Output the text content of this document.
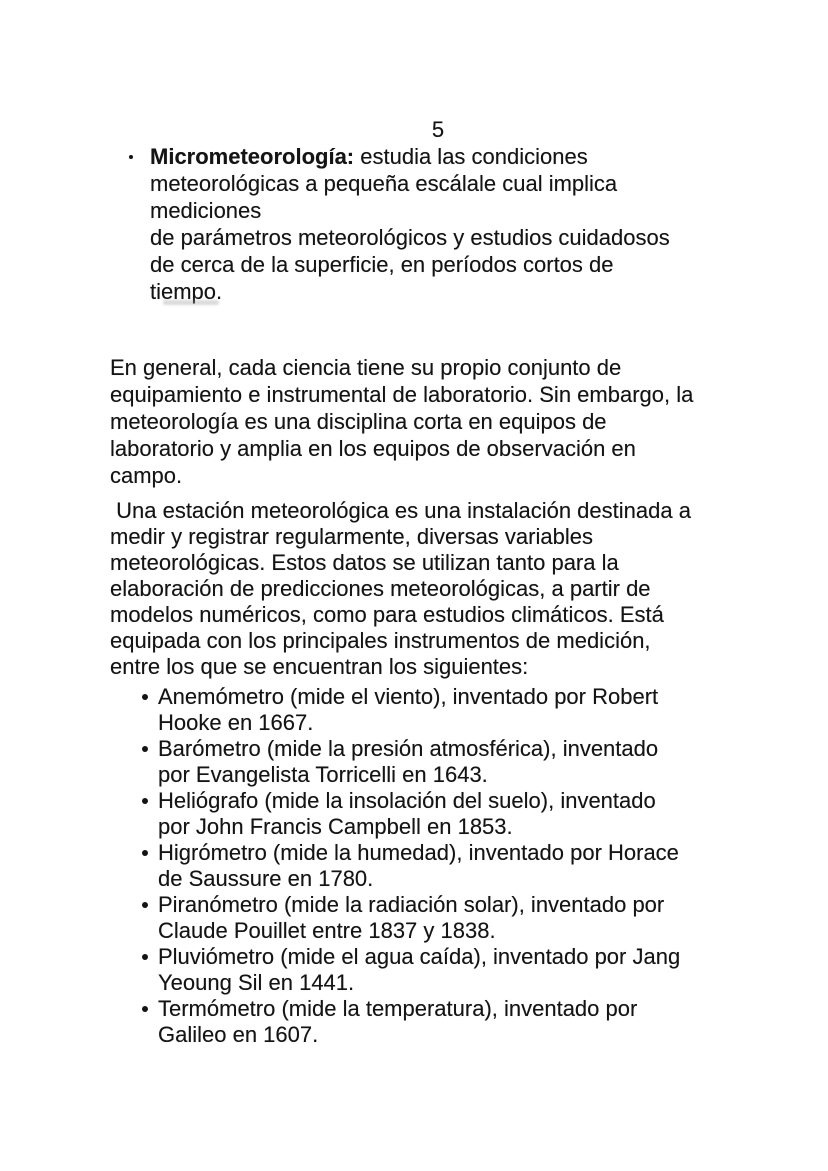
5
Micrometeorología: estudia las condiciones
meteorológicas a pequeña escálale cual implica
mediciones
de parámetros meteorológicos y estudios cuidadosos
de cerca de la superficie, en períodos cortos de
tiempo.
En general, cada ciencia tiene su propio conjunto de
equipamiento e instrumental de laboratorio. Sin embargo, la
meteorología es una disciplina corta en equipos de
laboratorio y amplia en los equipos de observación en
campo.
Una estación meteorológica es una instalación destinada a
medir y registrar regularmente, diversas variables
meteorológicas. Estos datos se utilizan tanto para la
elaboración de predicciones meteorológicas, a partir de
modelos numéricos, como para estudios climáticos. Está
equipada con los principales instrumentos de medición,
entre los que se encuentran los siguientes:
Anemómetro (mide el viento), inventado por Robert
Hooke en 1667.
Barómetro (mide la presión atmosférica), inventado
por Evangelista Torricelli en 1643.
Heliógrafo (mide la insolación del suelo), inventado
por John Francis Campbell en 1853.
Higrómetro (mide la humedad), inventado por Horace
de Saussure en 1780.
Piranómetro (mide la radiación solar), inventado por
Claude Pouillet entre 1837 y 1838.
Pluviómetro (mide el agua caída), inventado por Jang
Yeoung Sil en 1441.
Termómetro (mide la temperatura), inventado por
Galileo en 1607.
